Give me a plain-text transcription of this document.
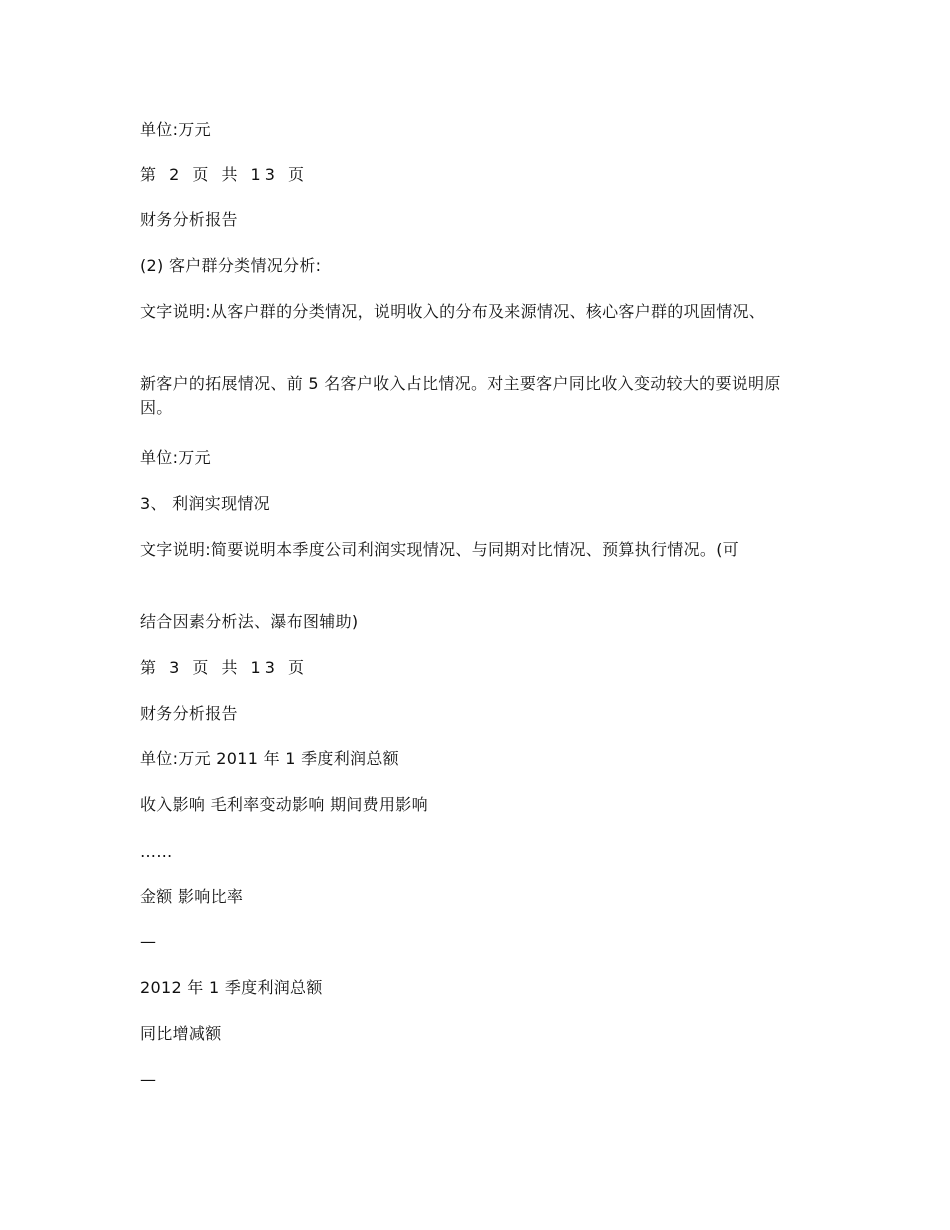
单位:万元
第 2 页 共 13 页
财务分析报告
(2) 客户群分类情况分析:
文字说明:从客户群的分类情况，说明收入的分布及来源情况、核心客户群的巩固情况、
新客户的拓展情况、前 5 名客户收入占比情况。对主要客户同比收入变动较大的要说明原因。
单位:万元
3、 利润实现情况
文字说明:简要说明本季度公司利润实现情况、与同期对比情况、预算执行情况。(可
结合因素分析法、瀑布图辅助)
第 3 页 共 13 页
财务分析报告
单位:万元 2011 年 1 季度利润总额
收入影响 毛利率变动影响 期间费用影响
……
金额 影响比率
—
2012 年 1 季度利润总额
同比增减额
—
